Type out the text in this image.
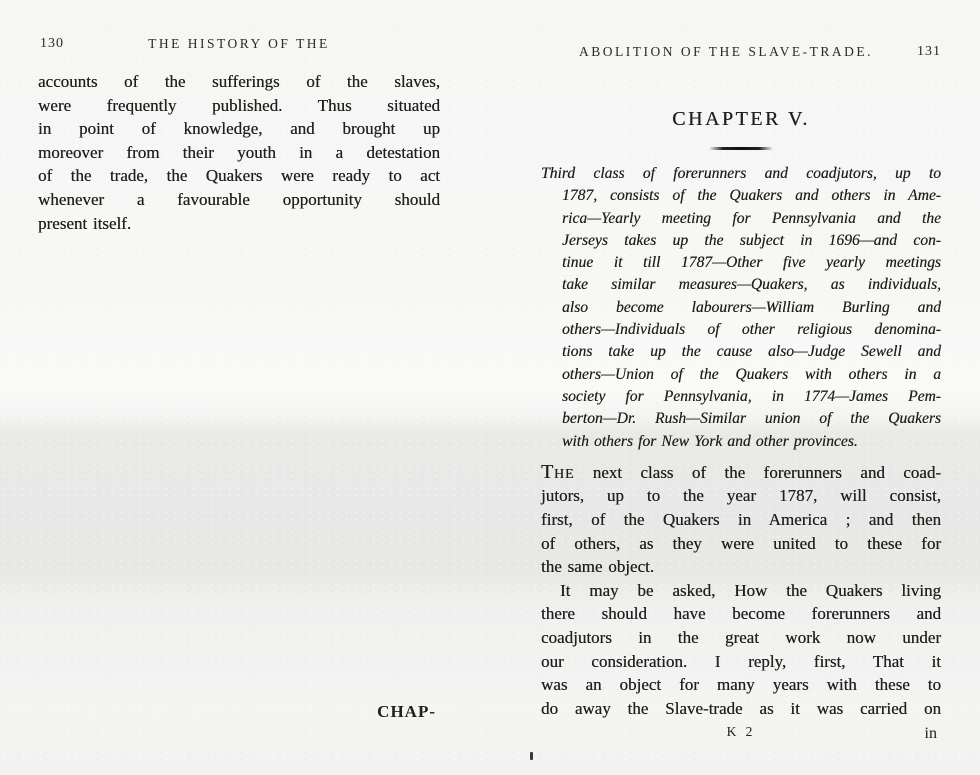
130	THE HISTORY OF THE
accounts of the sufferings of the slaves,
were frequently published. Thus situated
in point of knowledge, and brought up
moreover from their youth in a detestation
of the trade, the Quakers were ready to act
whenever a favourable opportunity should
present itself.
CHAP-
ABOLITION OF THE SLAVE-TRADE.	131
CHAPTER V.
Third class of forerunners and coadjutors, up to
1787, consists of the Quakers and others in Ame-
rica—Yearly meeting for Pennsylvania and the
Jerseys takes up the subject in 1696—and con-
tinue it till 1787—Other five yearly meetings
take similar measures—Quakers, as individuals,
also become labourers—William Burling and
others—Individuals of other religious denomina-
tions take up the cause also—Judge Sewell and
others—Union of the Quakers with others in a
society for Pennsylvania, in 1774—James Pem-
berton—Dr. Rush—Similar union of the Quakers
with others for New York and other provinces.
The next class of the forerunners and coad-
jutors, up to the year 1787, will consist,
first, of the Quakers in America ; and then
of others, as they were united to these for
the same object.
It may be asked, How the Quakers living
there should have become forerunners and
coadjutors in the great work now under
our consideration. I reply, first, That it
was an object for many years with these to
do away the Slave-trade as it was carried on
K 2	in
